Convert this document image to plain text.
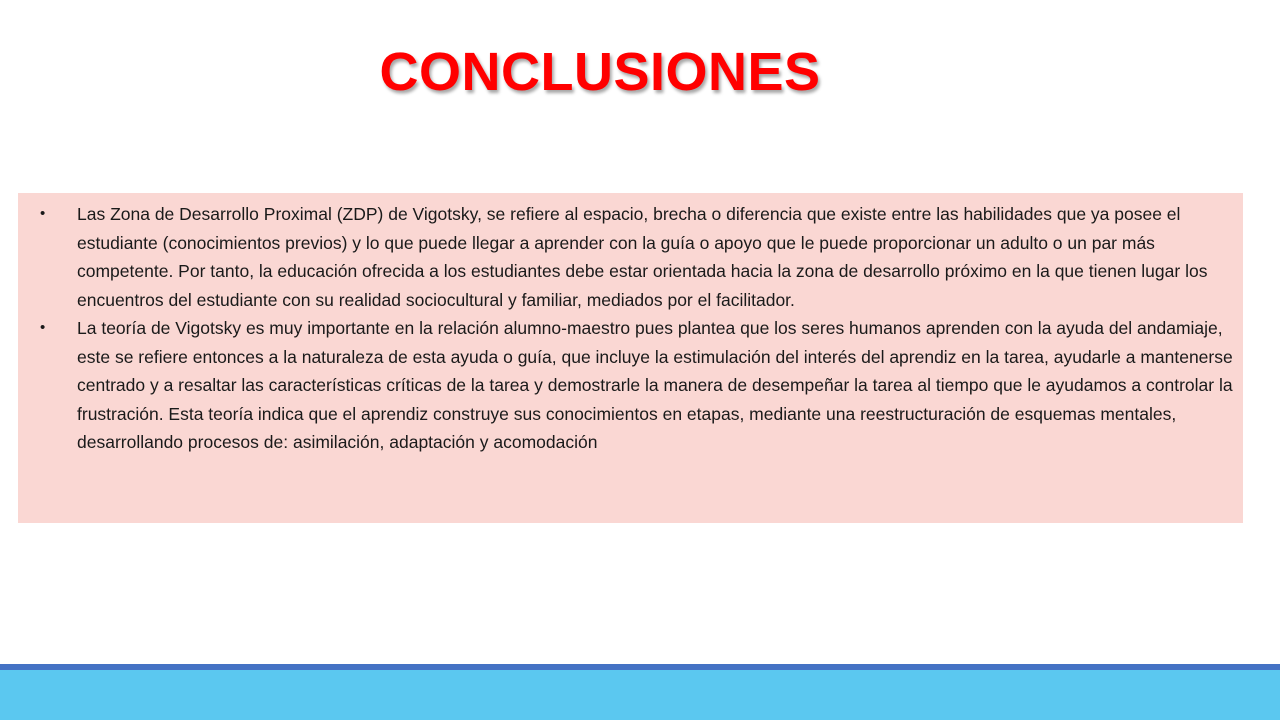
CONCLUSIONES
•	Las Zona de Desarrollo Proximal (ZDP) de Vigotsky, se refiere al espacio, brecha o diferencia que existe entre las habilidades que ya posee el estudiante (conocimientos previos) y lo que puede llegar a aprender con la guía o apoyo que le puede proporcionar un adulto o un par más competente. Por tanto, la educación ofrecida a los estudiantes debe estar orientada hacia la zona de desarrollo próximo en la que tienen lugar los encuentros del estudiante con su realidad sociocultural y familiar, mediados por el facilitador.
•	La teoría de Vigotsky es muy importante en la relación alumno-maestro pues plantea que los seres humanos aprenden con la ayuda del andamiaje, este se refiere entonces a la naturaleza de esta ayuda o guía, que incluye la estimulación del interés del aprendiz en la tarea, ayudarle a mantenerse centrado y a resaltar las características críticas de la tarea y demostrarle la manera de desempeñar la tarea al tiempo que le ayudamos a controlar la frustración. Esta teoría indica que el aprendiz construye sus conocimientos en etapas, mediante una reestructuración de esquemas mentales, desarrollando procesos de: asimilación, adaptación y acomodación
